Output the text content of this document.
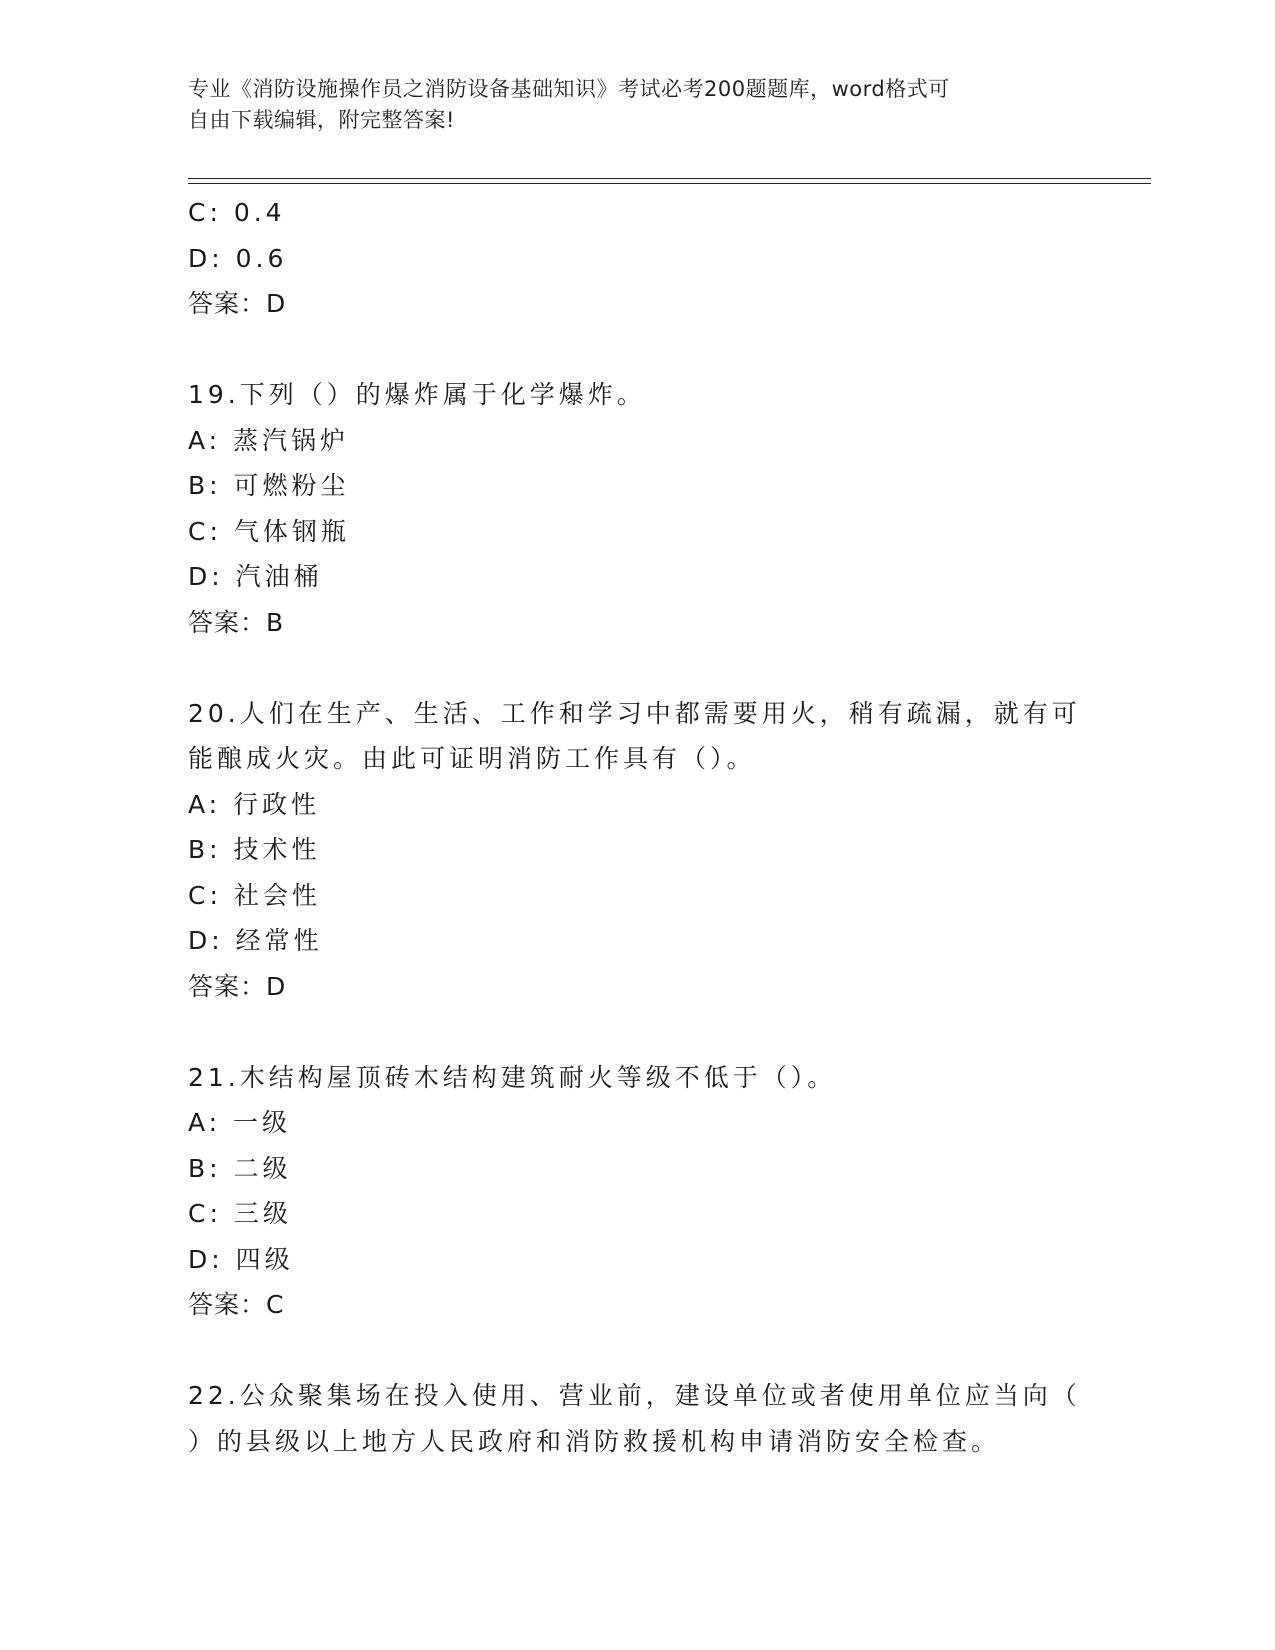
专业《消防设施操作员之消防设备基础知识》考试必考200题题库，word格式可
自由下载编辑，附完整答案!
C: 0.4
D: 0.6
答案：D
19.下列（）的爆炸属于化学爆炸。
A: 蒸汽锅炉
B: 可燃粉尘
C: 气体钢瓶
D: 汽油桶
答案：B
20.人们在生产、生活、工作和学习中都需要用火，稍有疏漏，就有可
能酿成火灾。由此可证明消防工作具有（）。
A: 行政性
B: 技术性
C: 社会性
D: 经常性
答案：D
21.木结构屋顶砖木结构建筑耐火等级不低于（）。
A: 一级
B: 二级
C: 三级
D: 四级
答案：C
22.公众聚集场在投入使用、营业前，建设单位或者使用单位应当向（
）的县级以上地方人民政府和消防救援机构申请消防安全检查。
